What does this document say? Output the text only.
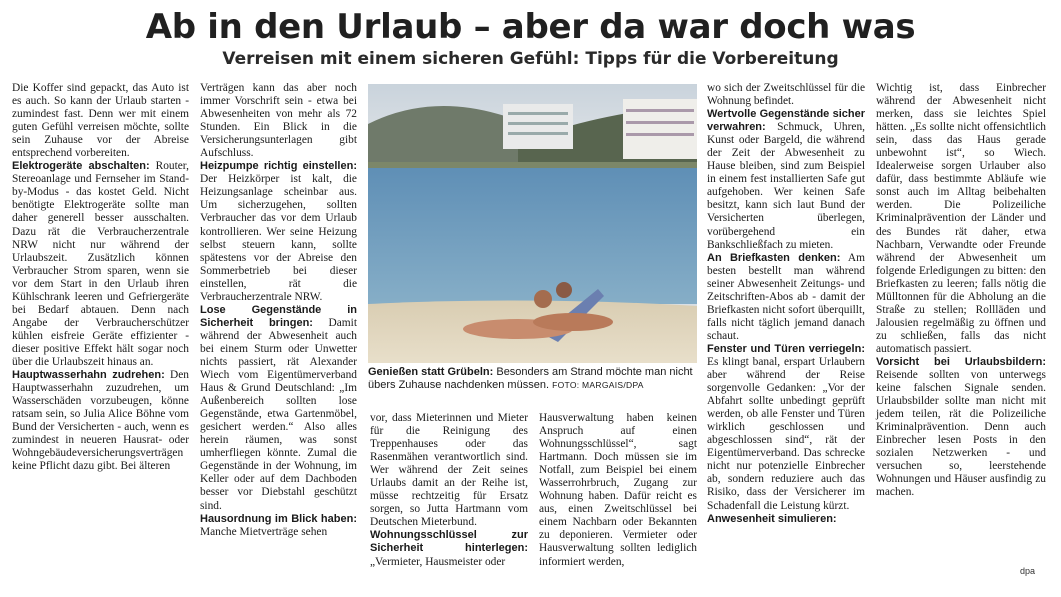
Ab in den Urlaub – aber da war doch was
Verreisen mit einem sicheren Gefühl: Tipps für die Vorbereitung

Die Koffer sind gepackt, das Auto ist es auch. So kann der Urlaub starten - zumindest fast. Denn wer mit einem guten Gefühl verreisen möchte, sollte sein Zuhause vor der Abreise entsprechend vorbereiten.
Elektrogeräte abschalten: Router, Stereoanlage und Fernseher im Stand-by-Modus - das kostet Geld. Nicht benötigte Elektrogeräte sollte man daher generell besser ausschalten. Dazu rät die Verbraucherzentrale NRW nicht nur während der Urlaubszeit. Zusätzlich können Verbraucher Strom sparen, wenn sie vor dem Start in den Urlaub ihren Kühlschrank leeren und Gefriergeräte bei Bedarf abtauen. Denn nach Angabe der Verbraucherschützer kühlen eisfreie Geräte effizienter - dieser positive Effekt hält sogar noch über die Urlaubszeit hinaus an.
Hauptwasserhahn zudrehen: Den Hauptwasserhahn zuzudrehen, um Wasserschäden vorzubeugen, könne ratsam sein, so Julia Alice Böhne vom Bund der Versicherten - auch, wenn es zumindest in neueren Hausrat- oder Wohngebäudeversicherungsverträgen keine Pflicht dazu gibt. Bei älteren

Verträgen kann das aber noch immer Vorschrift sein - etwa bei Abwesenheiten von mehr als 72 Stunden. Ein Blick in die Versicherungsunterlagen gibt Aufschluss.
Heizpumpe richtig einstellen: Der Heizkörper ist kalt, die Heizungsanlage scheinbar aus. Um sicherzugehen, sollten Verbraucher das vor dem Urlaub kontrollieren. Wer seine Heizung selbst steuern kann, sollte spätestens vor der Abreise den Sommerbetrieb bei dieser einstellen, rät die Verbraucherzentrale NRW.
Lose Gegenstände in Sicherheit bringen: Damit während der Abwesenheit auch bei einem Sturm oder Unwetter nichts passiert, rät Alexander Wiech vom Eigentümerverband Haus & Grund Deutschland: „Im Außenbereich sollten lose Gegenstände, etwa Gartenmöbel, gesichert werden.“ Also alles herein räumen, was sonst umherfliegen könnte. Zumal die Gegenstände in der Wohnung, im Keller oder auf dem Dachboden besser vor Diebstahl geschützt sind.
Hausordnung im Blick haben: Manche Mietverträge sehen

Genießen statt Grübeln: Besonders am Strand möchte man nicht übers Zuhause nachdenken müssen. FOTO: MARGAIS/DPA

vor, dass Mieterinnen und Mieter für die Reinigung des Treppenhauses oder das Rasenmähen verantwortlich sind. Wer während der Zeit seines Urlaubs damit an der Reihe ist, müsse rechtzeitig für Ersatz sorgen, so Jutta Hartmann vom Deutschen Mieterbund.
Wohnungsschlüssel zur Sicherheit hinterlegen: „Vermieter, Hausmeister oder

Hausverwaltung haben keinen Anspruch auf einen Wohnungsschlüssel“, sagt Hartmann. Doch müssen sie im Notfall, zum Beispiel bei einem Wasserrohrbruch, Zugang zur Wohnung haben. Dafür reicht es aus, einen Zweitschlüssel bei einem Nachbarn oder Bekannten zu deponieren. Vermieter oder Hausverwaltung sollten lediglich informiert werden,

wo sich der Zweitschlüssel für die Wohnung befindet.
Wertvolle Gegenstände sicher verwahren: Schmuck, Uhren, Kunst oder Bargeld, die während der Zeit der Abwesenheit zu Hause bleiben, sind zum Beispiel in einem fest installierten Safe gut aufgehoben. Wer keinen Safe besitzt, kann sich laut Bund der Versicherten überlegen, vorübergehend ein Bankschließfach zu mieten.
An Briefkasten denken: Am besten bestellt man während seiner Abwesenheit Zeitungs- und Zeitschriften-Abos ab - damit der Briefkasten nicht sofort überquillt, falls nicht täglich jemand danach schaut.
Fenster und Türen verriegeln: Es klingt banal, erspart Urlaubern aber während der Reise sorgenvolle Gedanken: „Vor der Abfahrt sollte unbedingt geprüft werden, ob alle Fenster und Türen wirklich geschlossen und abgeschlossen sind“, rät der Eigentümerverband. Das schrecke nicht nur potenzielle Einbrecher ab, sondern reduziere auch das Risiko, dass der Versicherer im Schadenfall die Leistung kürzt.
Anwesenheit simulieren:

Wichtig ist, dass Einbrecher während der Abwesenheit nicht merken, dass sie leichtes Spiel hätten. „Es sollte nicht offensichtlich sein, dass das Haus gerade unbewohnt ist“, so Wiech. Idealerweise sorgen Urlauber also dafür, dass bestimmte Abläufe wie sonst auch im Alltag beibehalten werden. Die Polizeiliche Kriminalprävention der Länder und des Bundes rät daher, etwa Nachbarn, Verwandte oder Freunde während der Abwesenheit um folgende Erledigungen zu bitten: den Briefkasten zu leeren; falls nötig die Mülltonnen für die Abholung an die Straße zu stellen; Rollläden und Jalousien regelmäßig zu öffnen und zu schließen, falls das nicht automatisch passiert.
Vorsicht bei Urlaubsbildern: Reisende sollten von unterwegs keine falschen Signale senden. Urlaubsbilder sollte man nicht mit jedem teilen, rät die Polizeiliche Kriminalprävention. Denn auch Einbrecher lesen Posts in den sozialen Netzwerken - und versuchen so, leerstehende Wohnungen und Häuser ausfindig zu machen.

dpa
